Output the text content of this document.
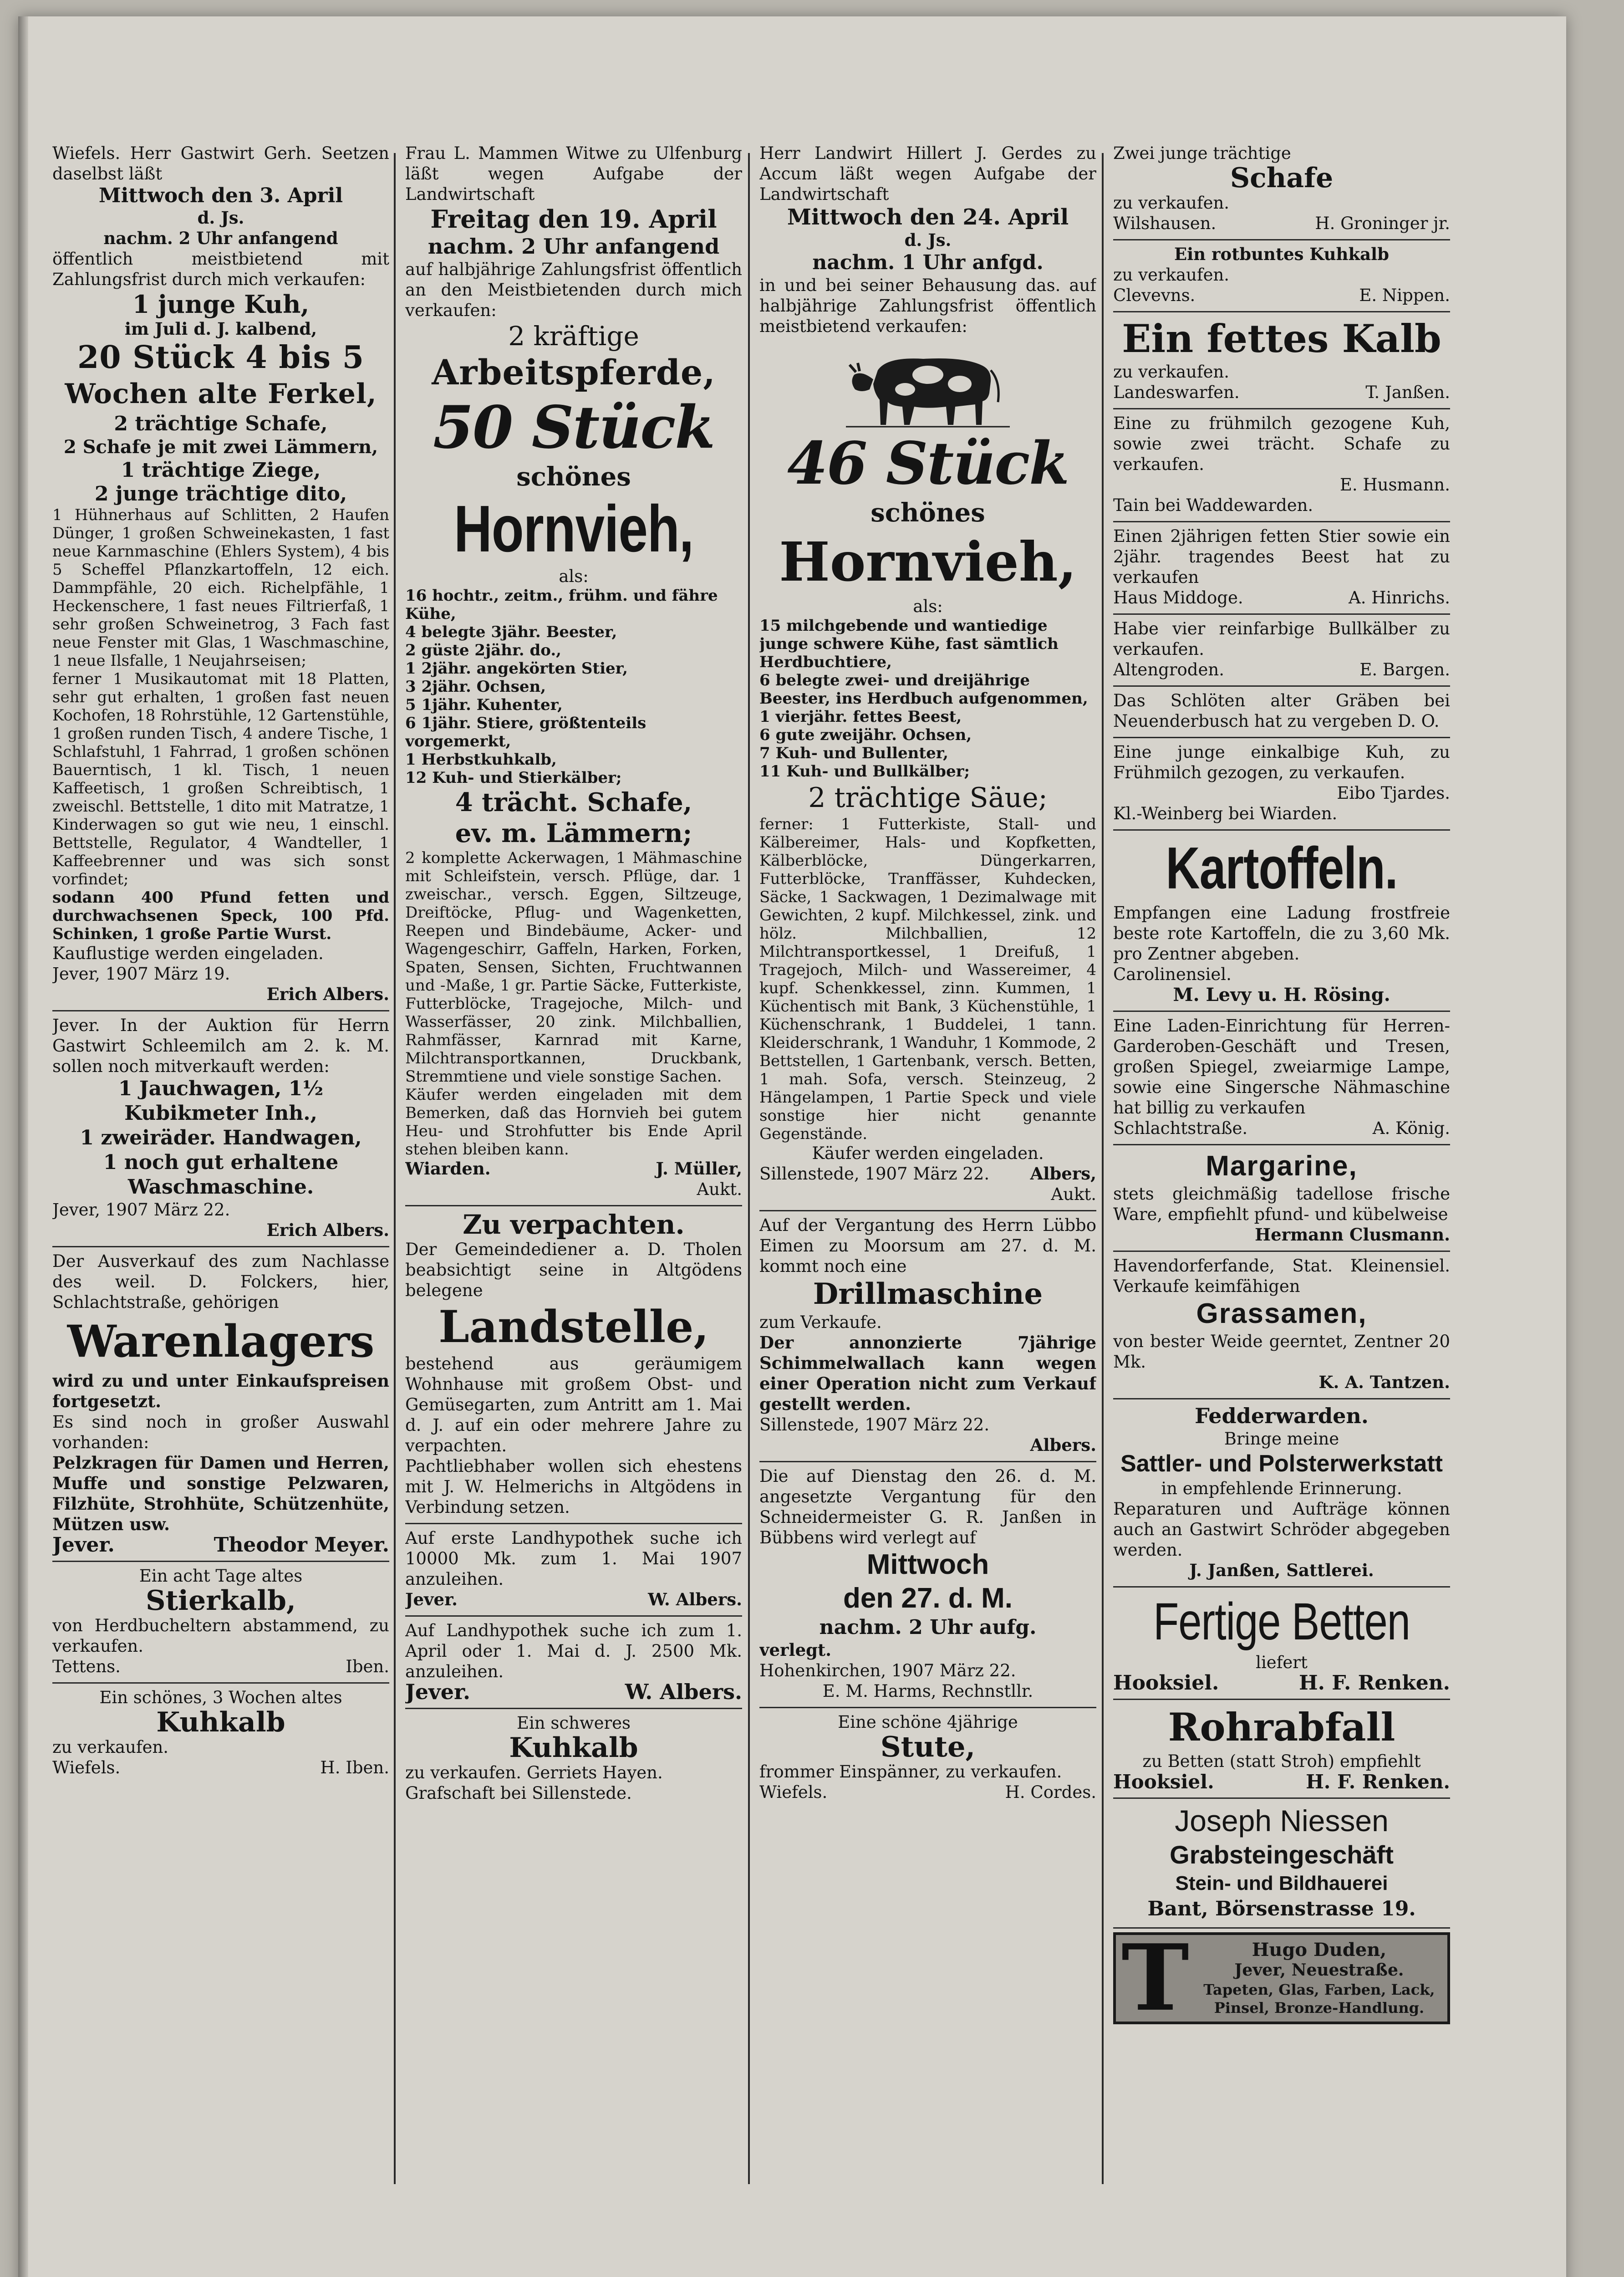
Wiefels. Herr Gastwirt Gerh. Seetzen daselbst läßt

Mittwoch den 3. April

d. Js.

nachm. 2 Uhr anfangend

öffentlich meistbietend mit Zahlungsfrist durch mich verkaufen:

1 junge Kuh,

im Juli d. J. kalbend,

20 Stück 4 bis 5

Wochen alte Ferkel,

2 trächtige Schafe,

2 Schafe je mit zwei Lämmern,

1 trächtige Ziege,

2 junge trächtige dito,

1 Hühnerhaus auf Schlitten, 2 Haufen Dünger, 1 großen Schweinekasten, 1 fast neue Karnmaschine (Ehlers System), 4 bis 5 Scheffel Pflanzkartoffeln, 12 eich. Dammpfähle, 20 eich. Richelpfähle, 1 Heckenschere, 1 fast neues Filtrierfaß, 1 sehr großen Schweinetrog, 3 Fach fast neue Fenster mit Glas, 1 Waschmaschine, 1 neue Ilsfalle, 1 Neujahrseisen;

ferner 1 Musikautomat mit 18 Platten, sehr gut erhalten, 1 großen fast neuen Kochofen, 18 Rohrstühle, 12 Gartenstühle, 1 großen runden Tisch, 4 andere Tische, 1 Schlafstuhl, 1 Fahrrad, 1 großen schönen Bauerntisch, 1 kl. Tisch, 1 neuen Kaffeetisch, 1 großen Schreibtisch, 1 zweischl. Bettstelle, 1 dito mit Matratze, 1 Kinderwagen so gut wie neu, 1 einschl. Bettstelle, Regulator, 4 Wandteller, 1 Kaffeebrenner und was sich sonst vorfindet;

sodann 400 Pfund fetten und durchwachsenen Speck, 100 Pfd. Schinken, 1 große Partie Wurst.

Kauflustige werden eingeladen.

Jever, 1907 März 19.

Erich Albers.

Jever. In der Auktion für Herrn Gastwirt Schleemilch am 2. k. M. sollen noch mitverkauft werden:

1 Jauchwagen, 1½ Kubikmeter Inh.,

1 zweiräder. Handwagen,

1 noch gut erhaltene Waschmaschine.

Jever, 1907 März 22.

Erich Albers.

Der Ausverkauf des zum Nachlasse des weil. D. Folckers, hier, Schlachtstraße, gehörigen

Warenlagers

wird zu und unter Einkaufspreisen fortgesetzt.

Es sind noch in großer Auswahl vorhanden:

Pelzkragen für Damen und Herren, Muffe und sonstige Pelzwaren, Filzhüte, Strohhüte, Schützenhüte, Mützen usw.

Jever.	Theodor Meyer.

Ein acht Tage altes

Stierkalb,

von Herdbucheltern abstammend, zu verkaufen.

Tettens.	Iben.

Ein schönes, 3 Wochen altes

Kuhkalb

zu verkaufen.

Wiefels.	H. Iben.

Frau L. Mammen Witwe zu Ulfenburg läßt wegen Aufgabe der Landwirtschaft

Freitag den 19. April

nachm. 2 Uhr anfangend

auf halbjährige Zahlungsfrist öffentlich an den Meistbietenden durch mich verkaufen:

2 kräftige

Arbeitspferde,

50 Stück

schönes

Hornvieh,

als:

16 hochtr., zeitm., frühm. und fähre Kühe,

4 belegte 3jähr. Beester,

2 güste 2jähr. do.,

1 2jähr. angekörten Stier,

3 2jähr. Ochsen,

5 1jähr. Kuhenter,

6 1jähr. Stiere, größtenteils vorgemerkt,

1 Herbstkuhkalb,

12 Kuh- und Stierkälber;

4 trächt. Schafe,

ev. m. Lämmern;

2 komplette Ackerwagen, 1 Mähmaschine mit Schleifstein, versch. Pflüge, dar. 1 zweischar., versch. Eggen, Siltzeuge, Dreiftöcke, Pflug- und Wagenketten, Reepen und Bindebäume, Acker- und Wagengeschirr, Gaffeln, Harken, Forken, Spaten, Sensen, Sichten, Fruchtwannen und -Maße, 1 gr. Partie Säcke, Futterkiste, Futterblöcke, Tragejoche, Milch- und Wasserfässer, 20 zink. Milchballien, Rahmfässer, Karnrad mit Karne, Milchtransportkannen, Druckbank, Stremmtiene und viele sonstige Sachen.

Käufer werden eingeladen mit dem Bemerken, daß das Hornvieh bei gutem Heu- und Strohfutter bis Ende April stehen bleiben kann.

Wiarden.	J. Müller,

Aukt.

Zu verpachten.

Der Gemeindediener a. D. Tholen beabsichtigt seine in Altgödens belegene

Landstelle,

bestehend aus geräumigem Wohnhause mit großem Obst- und Gemüsegarten, zum Antritt am 1. Mai d. J. auf ein oder mehrere Jahre zu verpachten.

Pachtliebhaber wollen sich ehestens mit J. W. Helmerichs in Altgödens in Verbindung setzen.

Auf erste Landhypothek suche ich 10000 Mk. zum 1. Mai 1907 anzuleihen.

Jever.	W. Albers.

Auf Landhypothek suche ich zum 1. April oder 1. Mai d. J. 2500 Mk. anzuleihen.

Jever.	W. Albers.

Ein schweres

Kuhkalb

zu verkaufen. Gerriets Hayen. Grafschaft bei Sillenstede.

Herr Landwirt Hillert J. Gerdes zu Accum läßt wegen Aufgabe der Landwirtschaft

Mittwoch den 24. April

d. Js.

nachm. 1 Uhr anfgd.

in und bei seiner Behausung das. auf halbjährige Zahlungsfrist öffentlich meistbietend verkaufen:

46 Stück

schönes

Hornvieh,

als:

15 milchgebende und wantiedige junge schwere Kühe, fast sämtlich Herdbuchtiere,

6 belegte zwei- und dreijährige Beester, ins Herdbuch aufgenommen,

1 vierjähr. fettes Beest,

6 gute zweijähr. Ochsen,

7 Kuh- und Bullenter,

11 Kuh- und Bullkälber;

2 trächtige Säue;

ferner: 1 Futterkiste, Stall- und Kälbereimer, Hals- und Kopfketten, Kälberblöcke, Düngerkarren, Futterblöcke, Tranffässer, Kuhdecken, Säcke, 1 Sackwagen, 1 Dezimalwage mit Gewichten, 2 kupf. Milchkessel, zink. und hölz. Milchballien, 12 Milchtransportkessel, 1 Dreifuß, 1 Tragejoch, Milch- und Wassereimer, 4 kupf. Schenkkessel, zinn. Kummen, 1 Küchentisch mit Bank, 3 Küchenstühle, 1 Küchenschrank, 1 Buddelei, 1 tann. Kleiderschrank, 1 Wanduhr, 1 Kommode, 2 Bettstellen, 1 Gartenbank, versch. Betten, 1 mah. Sofa, versch. Steinzeug, 2 Hängelampen, 1 Partie Speck und viele sonstige hier nicht genannte Gegenstände.

Käufer werden eingeladen.

Sillenstede, 1907 März 22. Albers,

Aukt.

Auf der Vergantung des Herrn Lübbo Eimen zu Moorsum am 27. d. M. kommt noch eine

Drillmaschine

zum Verkaufe.

Der annonzierte 7jährige Schimmelwallach kann wegen einer Operation nicht zum Verkauf gestellt werden.

Sillenstede, 1907 März 22.

Albers.

Die auf Dienstag den 26. d. M. angesetzte Vergantung für den Schneidermeister G. R. Janßen in Bübbens wird verlegt auf

Mittwoch

den 27. d. M.

nachm. 2 Uhr aufg.

verlegt.

Hohenkirchen, 1907 März 22.

E. M. Harms, Rechnstllr.

Eine schöne 4jährige

Stute,

frommer Einspänner, zu verkaufen.

Wiefels.	H. Cordes.

Zwei junge trächtige

Schafe

zu verkaufen.

Wilshausen.	H. Groninger jr.

Ein rotbuntes Kuhkalb

zu verkaufen.

Clevevns.	E. Nippen.

Ein fettes Kalb

zu verkaufen.

Landeswarfen.	T. Janßen.

Eine zu frühmilch gezogene Kuh, sowie zwei trächt. Schafe zu verkaufen.

E. Husmann.

Tain bei Waddewarden.

Einen 2jährigen fetten Stier sowie ein 2jähr. tragendes Beest hat zu verkaufen

Haus Middoge.	A. Hinrichs.

Habe vier reinfarbige Bullkälber zu verkaufen.

Altengroden.	E. Bargen.

Das Schlöten alter Gräben bei Neuenderbusch hat zu vergeben D. O.

Eine junge einkalbige Kuh, zu Frühmilch gezogen, zu verkaufen.

Eibo Tjardes.

Kl.-Weinberg bei Wiarden.

Kartoffeln.

Empfangen eine Ladung frostfreie beste rote Kartoffeln, die zu 3,60 Mk. pro Zentner abgeben.

Carolinensiel.

M. Levy u. H. Rösing.

Eine Laden-Einrichtung für Herren-Garderoben-Geschäft und Tresen, großen Spiegel, zweiarmige Lampe, sowie eine Singersche Nähmaschine hat billig zu verkaufen

Schlachtstraße.	A. König.

Margarine,

stets gleichmäßig tadellose frische Ware, empfiehlt pfund- und kübelweise

Hermann Clusmann.

Havendorferfande, Stat. Kleinensiel. Verkaufe keimfähigen

Grassamen,

von bester Weide geerntet, Zentner 20 Mk.

K. A. Tantzen.

Fedderwarden.

Bringe meine

Sattler- und Polsterwerkstatt

in empfehlende Erinnerung.

Reparaturen und Aufträge können auch an Gastwirt Schröder abgegeben werden.

J. Janßen, Sattlerei.

Fertige Betten

liefert

Hooksiel.	H. F. Renken.

Rohrabfall

zu Betten (statt Stroh) empfiehlt

Hooksiel.	H. F. Renken.

Joseph Niessen

Grabsteingeschäft

Stein- und Bildhauerei

Bant, Börsenstrasse 19.

T	Hugo Duden,

Jever, Neuestraße.

Tapeten, Glas, Farben, Lack, Pinsel, Bronze-Handlung.
